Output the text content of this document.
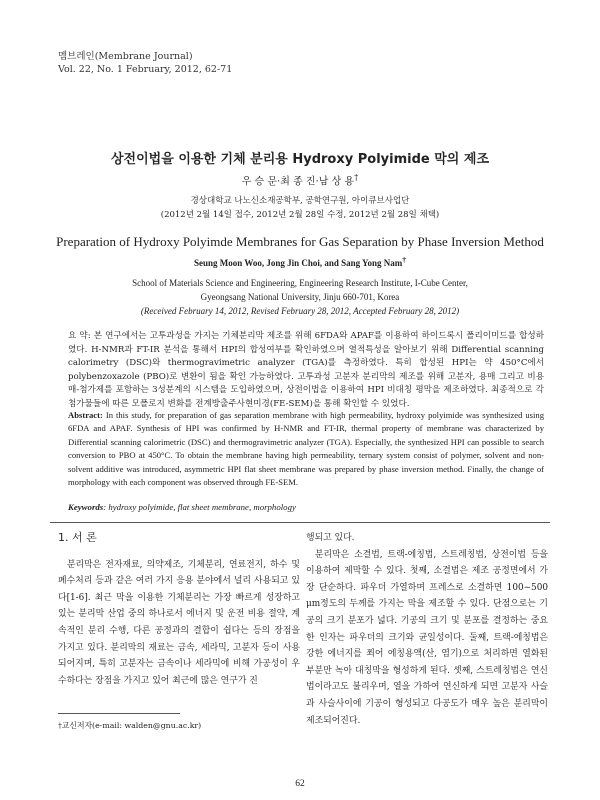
멤브레인(Membrane Journal)
Vol. 22, No. 1 February, 2012, 62-71
상전이법을 이용한 기체 분리용 Hydroxy Polyimide 막의 제조
우 승 문·최 종 진·남 상 용†
경상대학교 나노신소재공학부, 공학연구원, 아이큐브사업단
(2012년 2월 14일 접수, 2012년 2월 28일 수정, 2012년 2월 28일 채택)
Preparation of Hydroxy Polyimde Membranes for Gas Separation by Phase Inversion Method
Seung Moon Woo, Jong Jin Choi, and Sang Yong Nam†
School of Materials Science and Engineering, Engineering Research Institute, I-Cube Center,
Gyeongsang National University, Jinju 660-701, Korea
(Received February 14, 2012, Revised February 28, 2012, Accepted February 28, 2012)
요 약: 본 연구에서는 고투과성을 가지는 기체분리막 제조를 위해 6FDA와 APAF를 이용하여 하이드록시 폴리이미드를 합성하였다. H-NMR과 FT-IR 분석을 통해서 HPI의 합성여부를 확인하였으며 열적특성을 알아보기 위해 Differential scanning calorimetry (DSC)와 thermogravimetric analyzer (TGA)를 측정하였다. 특히 합성된 HPI는 약 450°C에서 polybenzoxazole (PBO)로 변환이 됨을 확인 가능하였다. 고투과성 고분자 분리막의 제조를 위해 고분자, 용매 그리고 비용매-첨가제를 포함하는 3성분계의 시스템을 도입하였으며, 상전이법을 이용하여 HPI 비대칭 평막을 제조하였다. 최종적으로 각 첨가물들에 따른 모폴로지 변화를 전계방출주사현미경(FE-SEM)을 통해 확인할 수 있었다.
Abstract: In this study, for preparation of gas separation membrane with high permeability, hydroxy polyimide was synthesized using 6FDA and APAF. Synthesis of HPI was confirmed by H-NMR and FT-IR, thermal property of membrane was characterized by Differential scanning calorimetric (DSC) and thermogravimetric analyzer (TGA). Especially, the synthesized HPI can possible to search conversion to PBO at 450°C. To obtain the membrane having high permeability, ternary system consist of polymer, solvent and non-solvent additive was introduced, asymmetric HPI flat sheet membrane was prepared by phase inversion method. Finally, the change of morphology with each component was observed through FE-SEM.
Keywords: hydroxy polyimide, flat sheet membrane, morphology
1. 서 론

분리막은 전자재료, 의약제조, 기체분리, 연료전지, 하수 및 폐수처리 등과 같은 여러 가지 응용 분야에서 널리 사용되고 있다[1-6]. 최근 막을 이용한 기체분리는 가장 빠르게 성장하고 있는 분리막 산업 중의 하나로서 에너지 및 운전 비용 절약, 계속적인 분리 수행, 다른 공정과의 결합이 쉽다는 등의 장점을 가지고 있다. 분리막의 재료는 금속, 세라믹, 고분자 등이 사용되어지며, 특히 고분자는 금속이나 세라믹에 비해 가공성이 우수하다는 장점을 가지고 있어 최근에 많은 연구가 진

행되고 있다.

분리막은 소결법, 트랙-에칭법, 스트레칭법, 상전이법 등을 이용하여 제막할 수 있다. 첫째, 소결법은 제조 공정면에서 가장 단순하다. 파우더 가열하며 프레스로 소결하면 100∼500 μm정도의 두께를 가지는 막을 제조할 수 있다. 단점으로는 기공의 크기 분포가 넓다. 기공의 크기 및 분포를 결정하는 중요한 인자는 파우더의 크기와 균일성이다. 둘째, 트랙-에칭법은 강한 에너지를 쬐어 에칭용액(산, 염기)으로 처리하면 열화된 부분만 녹아 대칭막을 형성하게 된다. 셋째, 스트레칭법은 연신법이라고도 불리우며, 열을 가하여 연신하게 되면 고분자 사슬과 사슬사이에 기공이 형성되고 다공도가 매우 높은 분리막이 제조되어진다.

†교신저자(e-mail: walden@gnu.ac.kr)
62
